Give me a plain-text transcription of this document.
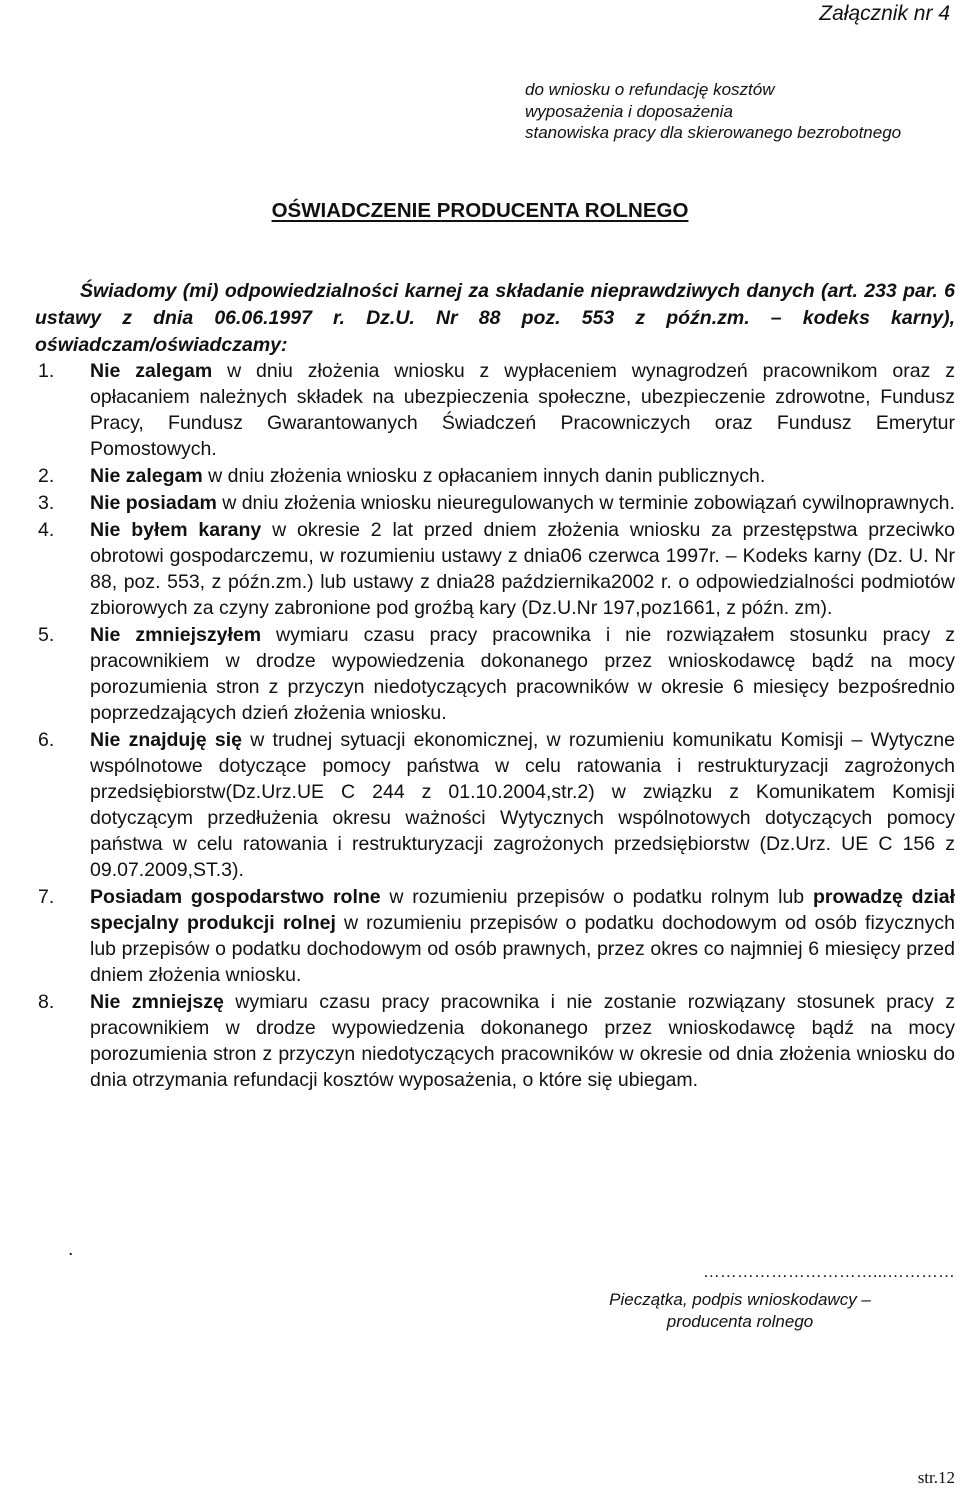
Załącznik nr 4
do wniosku o refundację kosztów
wyposażenia i doposażenia
stanowiska pracy dla skierowanego bezrobotnego
OŚWIADCZENIE PRODUCENTA ROLNEGO

Świadomy (mi) odpowiedzialności karnej za składanie nieprawdziwych danych (art. 233 par. 6 ustawy z dnia 06.06.1997 r. Dz.U. Nr 88 poz. 553 z późn.zm. – kodeks karny), oświadczam/oświadczamy:

1. Nie zalegam w dniu złożenia wniosku z wypłaceniem wynagrodzeń pracownikom oraz z opłacaniem należnych składek na ubezpieczenia społeczne, ubezpieczenie zdrowotne, Fundusz Pracy, Fundusz Gwarantowanych Świadczeń Pracowniczych oraz Fundusz Emerytur Pomostowych.
2. Nie zalegam w dniu złożenia wniosku z opłacaniem innych danin publicznych.
3. Nie posiadam w dniu złożenia wniosku nieuregulowanych w terminie zobowiązań cywilnoprawnych.
4. Nie byłem karany w okresie 2 lat przed dniem złożenia wniosku za przestępstwa przeciwko obrotowi gospodarczemu, w rozumieniu ustawy z dnia06 czerwca 1997r. – Kodeks karny (Dz. U. Nr 88, poz. 553, z późn.zm.) lub ustawy z dnia28 października2002 r. o odpowiedzialności podmiotów zbiorowych za czyny zabronione pod groźbą kary (Dz.U.Nr 197,poz1661, z późn. zm).
5. Nie zmniejszyłem wymiaru czasu pracy pracownika i nie rozwiązałem stosunku pracy z pracownikiem w drodze wypowiedzenia dokonanego przez wnioskodawcę bądź na mocy porozumienia stron z przyczyn niedotyczących pracowników w okresie 6 miesięcy bezpośrednio poprzedzających dzień złożenia wniosku.
6. Nie znajduję się w trudnej sytuacji ekonomicznej, w rozumieniu komunikatu Komisji – Wytyczne wspólnotowe dotyczące pomocy państwa w celu ratowania i restrukturyzacji zagrożonych przedsiębiorstw(Dz.Urz.UE C 244 z 01.10.2004,str.2) w związku z Komunikatem Komisji dotyczącym przedłużenia okresu ważności Wytycznych wspólnotowych dotyczących pomocy państwa w celu ratowania i restrukturyzacji zagrożonych przedsiębiorstw (Dz.Urz. UE C 156 z 09.07.2009,ST.3).
7. Posiadam gospodarstwo rolne w rozumieniu przepisów o podatku rolnym lub prowadzę dział specjalny produkcji rolnej w rozumieniu przepisów o podatku dochodowym od osób fizycznych lub przepisów o podatku dochodowym od osób prawnych, przez okres co najmniej 6 miesięcy przed dniem złożenia wniosku.
8. Nie zmniejszę wymiaru czasu pracy pracownika i nie zostanie rozwiązany stosunek pracy z pracownikiem w drodze wypowiedzenia dokonanego przez wnioskodawcę bądź na mocy porozumienia stron z przyczyn niedotyczących pracowników w okresie od dnia złożenia wniosku do dnia otrzymania refundacji kosztów wyposażenia, o które się ubiegam.
.
…………………………...…………
Pieczątka, podpis wnioskodawcy –
producenta rolnego
str.12
